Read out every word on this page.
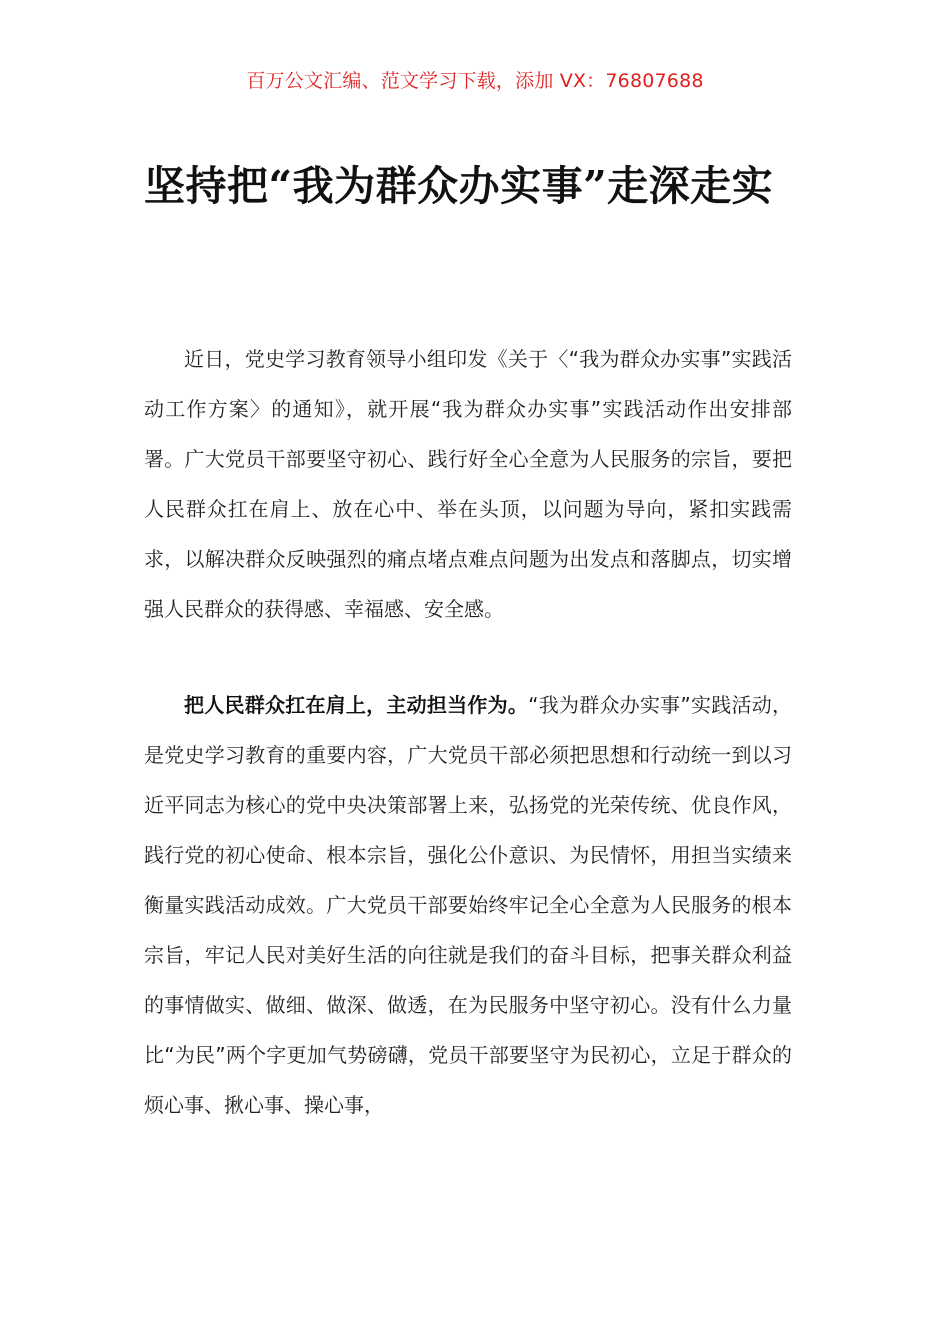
百万公文汇编、范文学习下载，添加 VX：76807688
坚持把“我为群众办实事”走深走实

近日，党史学习教育领导小组印发《关于〈“我为群众办实事”实践活动工作方案〉的通知》，就开展“我为群众办实事”实践活动作出安排部署。广大党员干部要坚守初心、践行好全心全意为人民服务的宗旨，要把人民群众扛在肩上、放在心中、举在头顶，以问题为导向，紧扣实践需求，以解决群众反映强烈的痛点堵点难点问题为出发点和落脚点，切实增强人民群众的获得感、幸福感、安全感。

把人民群众扛在肩上，主动担当作为。“我为群众办实事”实践活动，是党史学习教育的重要内容，广大党员干部必须把思想和行动统一到以习近平同志为核心的党中央决策部署上来，弘扬党的光荣传统、优良作风，践行党的初心使命、根本宗旨，强化公仆意识、为民情怀，用担当实绩来衡量实践活动成效。广大党员干部要始终牢记全心全意为人民服务的根本宗旨，牢记人民对美好生活的向往就是我们的奋斗目标，把事关群众利益的事情做实、做细、做深、做透，在为民服务中坚守初心。没有什么力量比“为民”两个字更加气势磅礴，党员干部要坚守为民初心，立足于群众的烦心事、揪心事、操心事，
